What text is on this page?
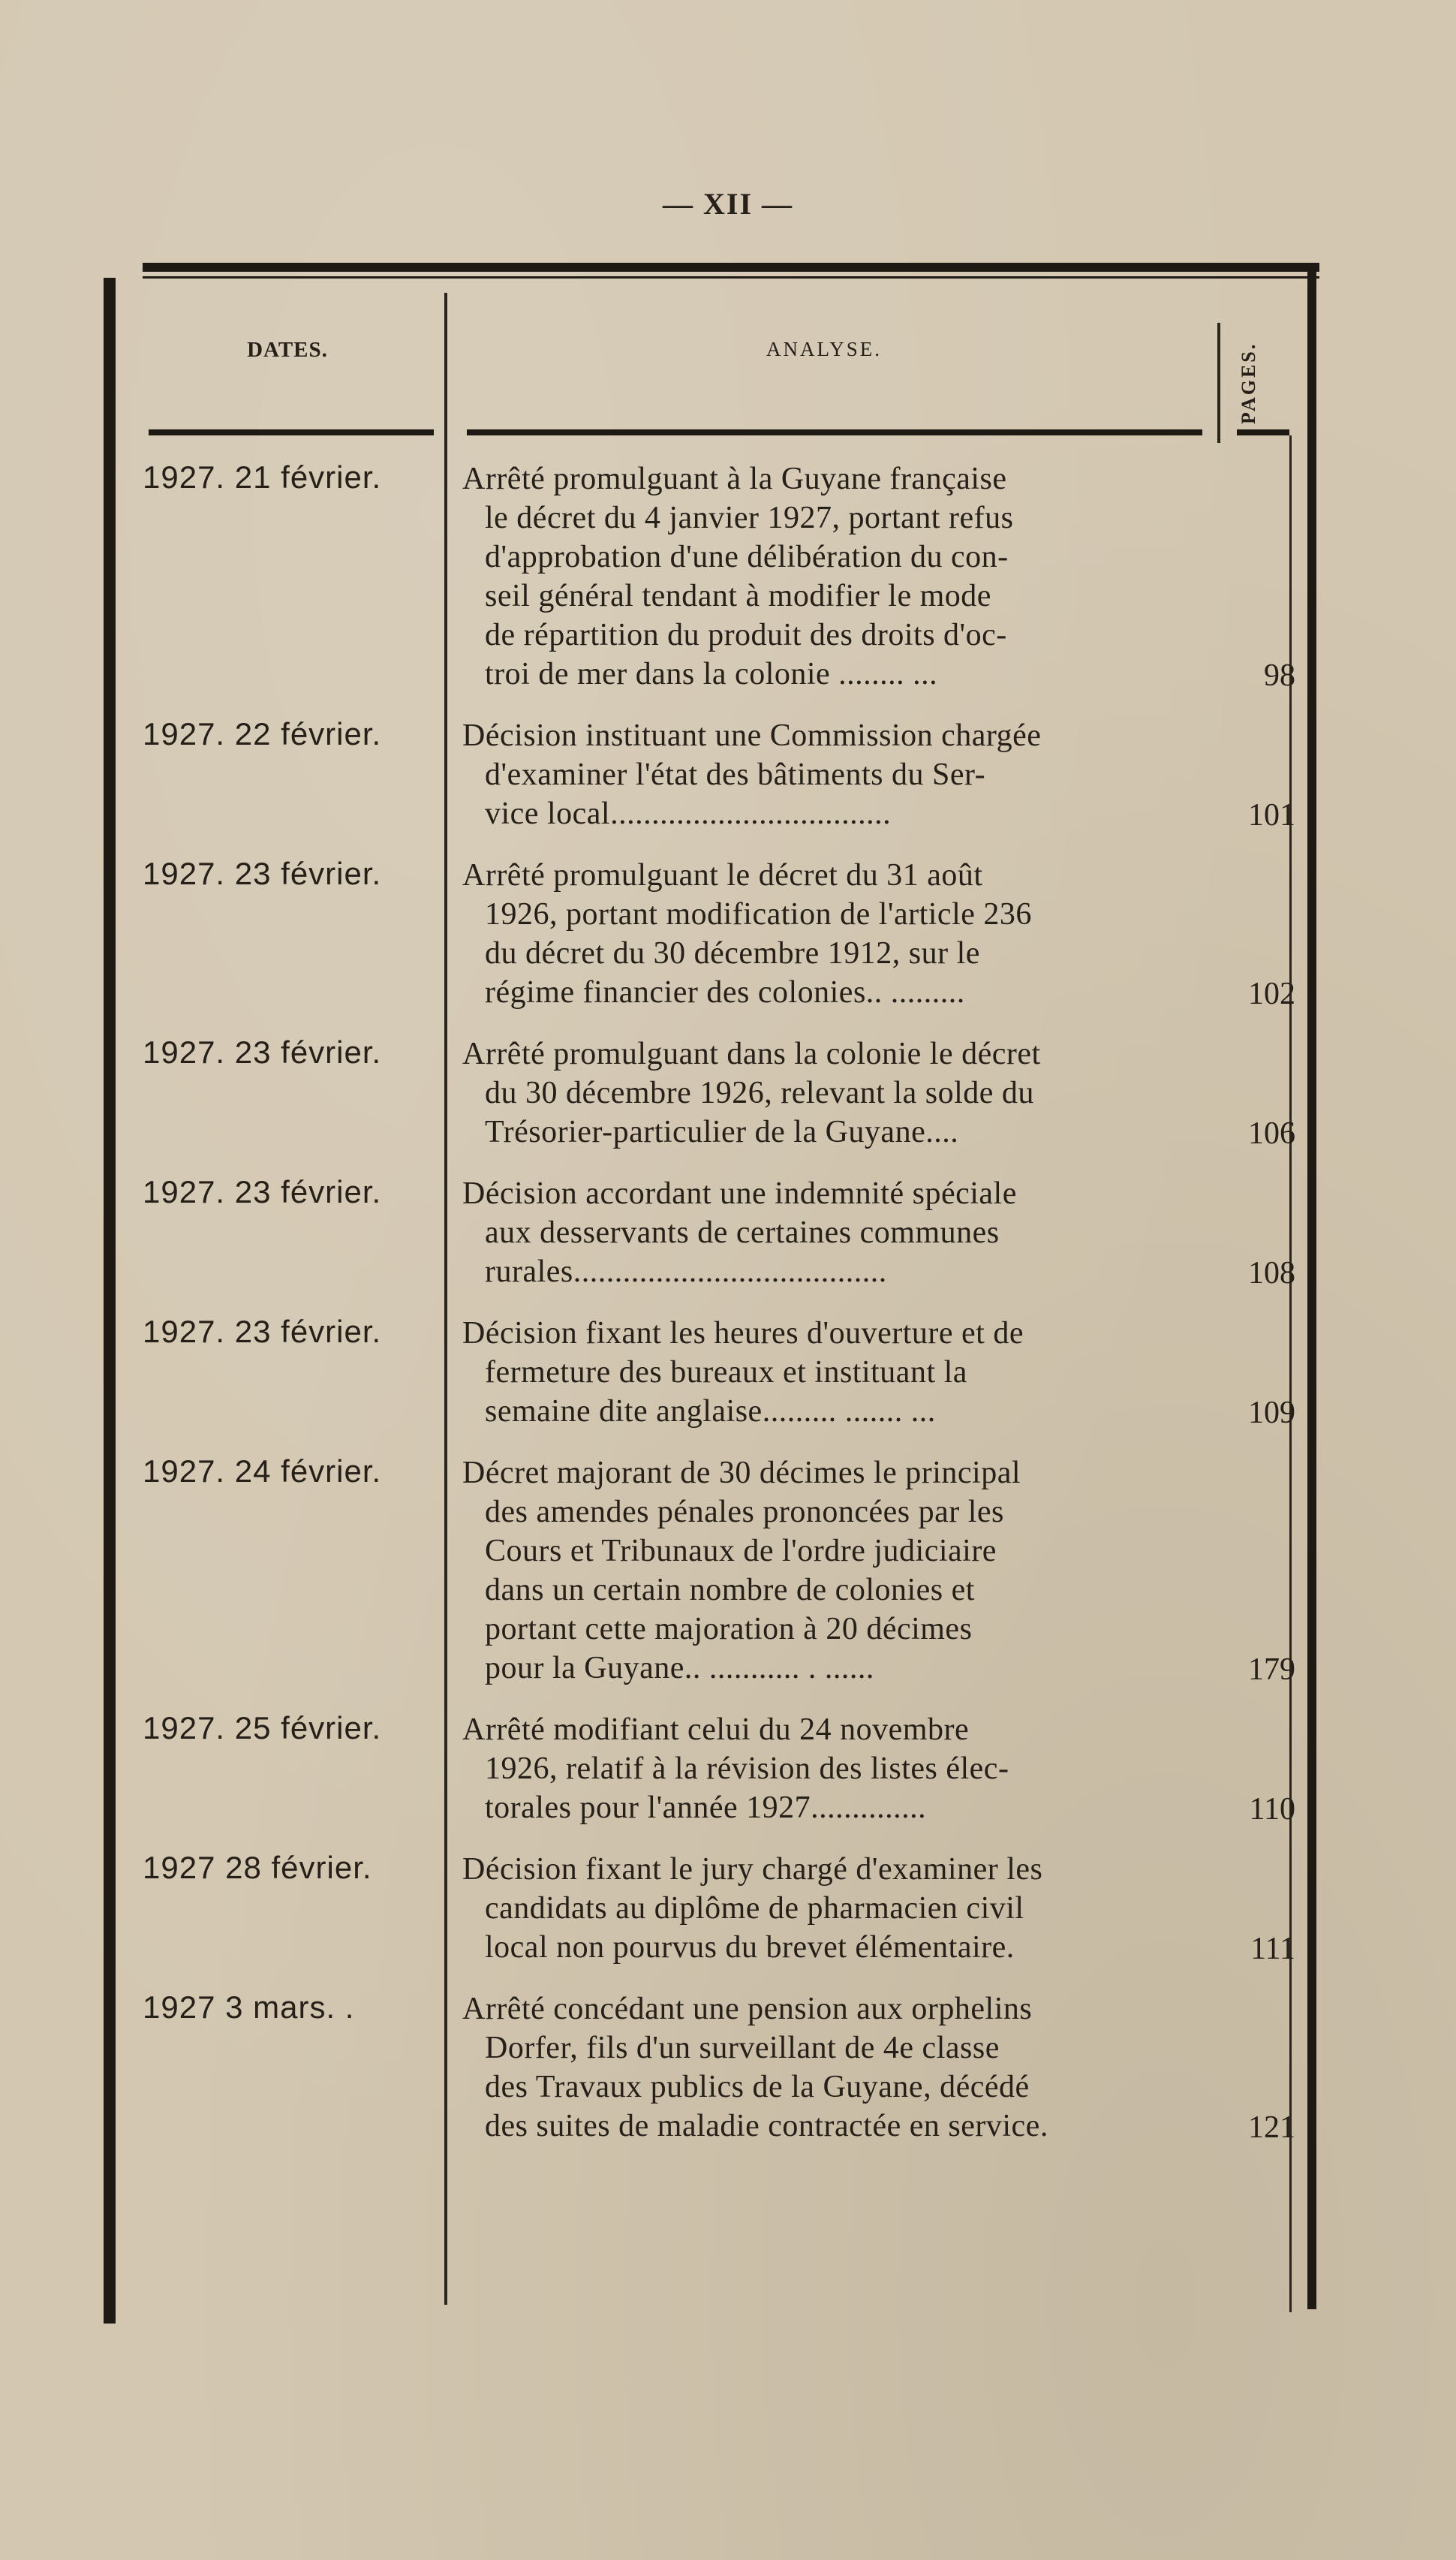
— XII —
DATES.	ANALYSE.	PAGES.
1927. 21 février.	Arrêté promulguant à la Guyane française
le décret du 4 janvier 1927, portant refus
d'approbation d'une délibération du con-
seil général tendant à modifier le mode
de répartition du produit des droits d'oc-
troi de mer dans la colonie ........ ...	98
1927. 22 février.	Décision instituant une Commission chargée
d'examiner l'état des bâtiments du Ser-
vice local..................................	101
1927. 23 février.	Arrêté promulguant le décret du 31 août
1926, portant modification de l'article 236
du décret du 30 décembre 1912, sur le
régime financier des colonies.. .........	102
1927. 23 février.	Arrêté promulguant dans la colonie le décret
du 30 décembre 1926, relevant la solde du
Trésorier-particulier de la Guyane....	106
1927. 23 février.	Décision accordant une indemnité spéciale
aux desservants de certaines communes
rurales......................................	108
1927. 23 février.	Décision fixant les heures d'ouverture et de
fermeture des bureaux et instituant la
semaine dite anglaise......... ....... ...	109
1927. 24 février.	Décret majorant de 30 décimes le principal
des amendes pénales prononcées par les
Cours et Tribunaux de l'ordre judiciaire
dans un certain nombre de colonies et
portant cette majoration à 20 décimes
pour la Guyane.. ........... . ......	179
1927. 25 février.	Arrêté modifiant celui du 24 novembre
1926, relatif à la révision des listes élec-
torales pour l'année 1927..............	110
1927 28 février.	Décision fixant le jury chargé d'examiner les
candidats au diplôme de pharmacien civil
local non pourvus du brevet élémentaire.	111
1927 3 mars. .	Arrêté concédant une pension aux orphelins
Dorfer, fils d'un surveillant de 4e classe
des Travaux publics de la Guyane, décédé
des suites de maladie contractée en service.	121
